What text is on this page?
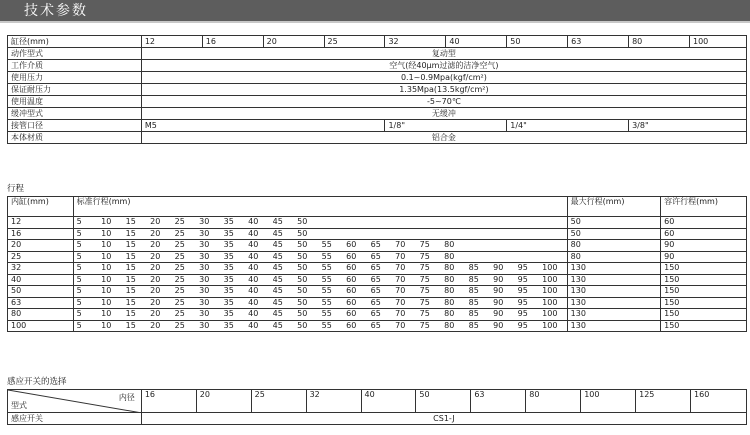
技术参数
缸径(mm)	12	16	20	25	32	40	50	63	80	100
动作型式	复动型									
工作介质	空气(经40μm过滤的洁净空气)									
使用压力	0.1~0.9Mpa(kgf/cm²)									
保证耐压力	1.35Mpa(13.5kgf/cm²)									
使用温度	-5~70℃									
缓冲型式	无缓冲									
接管口径	M5				1/8"		1/4"		3/8"	
本体材质	铝合金									
行程
内缸(mm)	标准行程(mm)	最大行程(mm)	容许行程(mm)
12	5 10 15 20 25 30 35 40 45 50	50	60
16	5 10 15 20 25 30 35 40 45 50	50	60
20	5 10 15 20 25 30 35 40 45 50 55 60 65 70 75 80	80	90
25	5 10 15 20 25 30 35 40 45 50 55 60 65 70 75 80	80	90
32	5 10 15 20 25 30 35 40 45 50 55 60 65 70 75 80 85 90 95 100	130	150
40	5 10 15 20 25 30 35 40 45 50 55 60 65 70 75 80 85 90 95 100	130	150
50	5 10 15 20 25 30 35 40 45 50 55 60 65 70 75 80 85 90 95 100	130	150
63	5 10 15 20 25 30 35 40 45 50 55 60 65 70 75 80 85 90 95 100	130	150
80	5 10 15 20 25 30 35 40 45 50 55 60 65 70 75 80 85 90 95 100	130	150
100	5 10 15 20 25 30 35 40 45 50 55 60 65 70 75 80 85 90 95 100	130	150
感应开关的选择
内径
型式	16	20	25	32	40	50	63	80	100	125	160
感应开关	CS1-J										
